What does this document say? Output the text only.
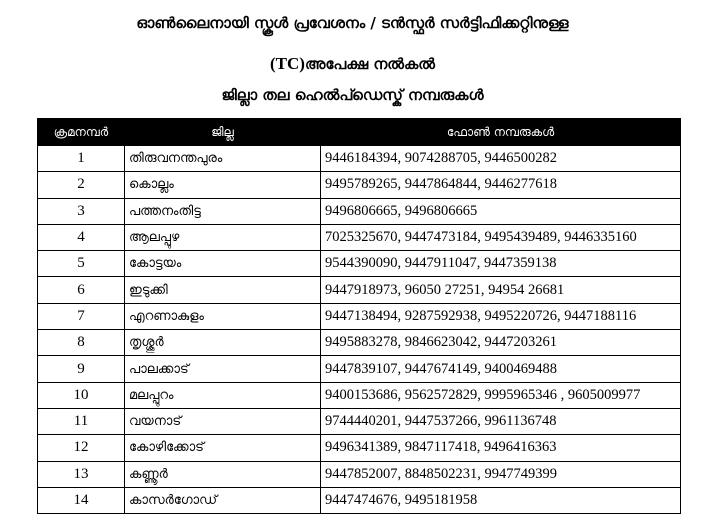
ഓൺലൈനായി സ്കൂൾ പ്രവേശനം / ടൻസ്ഫർ സർട്ടിഫിക്കറ്റിനുള്ള
(TC)അപേക്ഷ നൽകൽ
ജില്ലാ തല ഹെൽപ്ഡെസ്ക് നമ്പരുകൾ
ക്രമനമ്പർ	ജില്ല	ഫോൺ നമ്പരുകൾ
1	തിരുവനന്തപുരം	9446184394, 9074288705, 9446500282
2	കൊല്ലം	9495789265, 9447864844, 9446277618
3	പത്തനംതിട്ട	9496806665, 9496806665
4	ആലപ്പുഴ	7025325670, 9447473184, 9495439489, 9446335160
5	കോട്ടയം	9544390090, 9447911047, 9447359138
6	ഇടുക്കി	9447918973, 96050 27251, 94954 26681
7	എറണാകുളം	9447138494, 9287592938, 9495220726, 9447188116
8	തൃശ്ശൂർ	9495883278, 9846623042, 9447203261
9	പാലക്കാട്	9447839107, 9447674149, 9400469488
10	മലപ്പുറം	9400153686, 9562572829, 9995965346 , 9605009977
11	വയനാട്	9744440201, 9447537266, 9961136748
12	കോഴിക്കോട്	9496341389, 9847117418, 9496416363
13	കണ്ണൂർ	9447852007, 8848502231, 9947749399
14	കാസർഗോഡ്	9447474676, 9495181958
